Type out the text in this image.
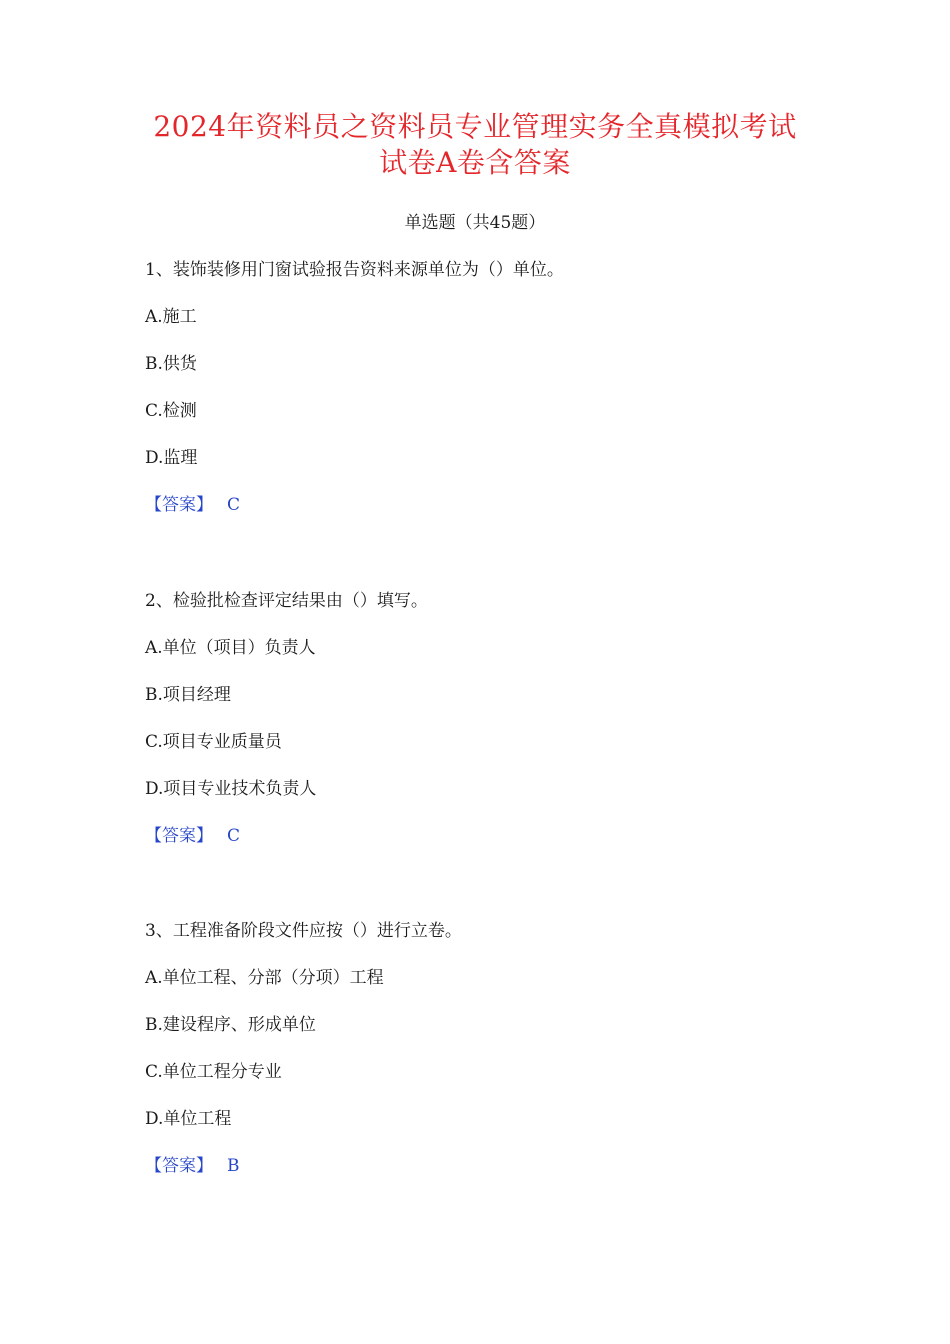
2024年资料员之资料员专业管理实务全真模拟考试
试卷A卷含答案
单选题（共45题）
1、装饰装修用门窗试验报告资料来源单位为（）单位。
A.施工
B.供货
C.检测
D.监理
【答案】 C
2、检验批检查评定结果由（）填写。
A.单位（项目）负责人
B.项目经理
C.项目专业质量员
D.项目专业技术负责人
【答案】 C
3、工程准备阶段文件应按（）进行立卷。
A.单位工程、分部（分项）工程
B.建设程序、形成单位
C.单位工程分专业
D.单位工程
【答案】 B
